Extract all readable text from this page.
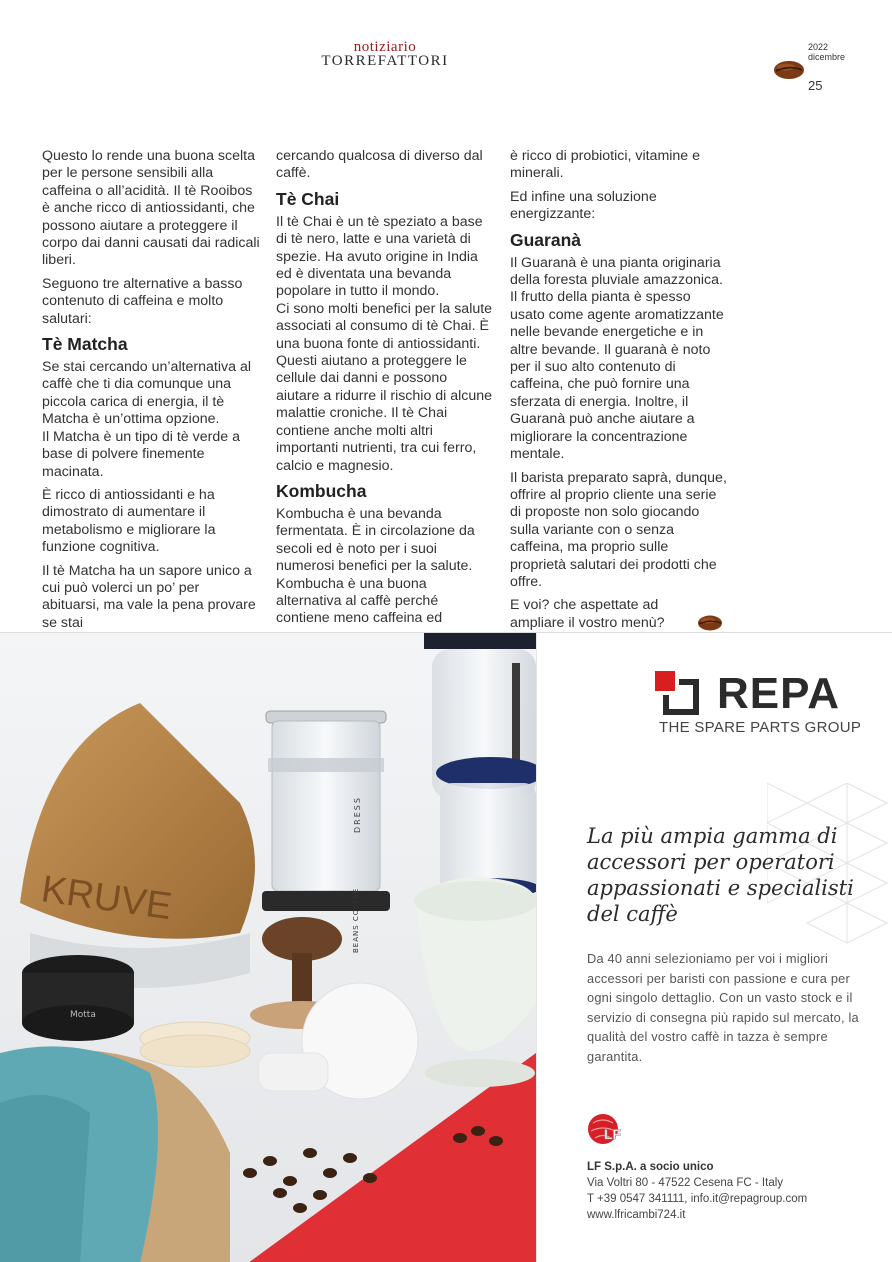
notiziario
TORREFATTORI
2022
dicembre
25

Questo lo rende una buona scelta per le persone sensibili alla caffeina o all’acidità. Il tè Rooibos è anche ricco di antiossidanti, che possono aiutare a proteggere il corpo dai danni causati dai radicali liberi.

Seguono tre alternative a basso contenuto di caffeina e molto salutari:

Tè Matcha

Se stai cercando un’alternativa al caffè che ti dia comunque una piccola carica di energia, il tè Matcha è un’ottima opzione.

Il Matcha è un tipo di tè verde a base di polvere finemente macinata.

È ricco di antiossidanti e ha dimostrato di aumentare il metabolismo e migliorare la funzione cognitiva.

Il tè Matcha ha un sapore unico a cui può volerci un po’ per abituarsi, ma vale la pena provare se stai

cercando qualcosa di diverso dal caffè.

Tè Chai

Il tè Chai è un tè speziato a base di tè nero, latte e una varietà di spezie. Ha avuto origine in India ed è diventata una bevanda popolare in tutto il mondo.

Ci sono molti benefici per la salute associati al consumo di tè Chai. È una buona fonte di antiossidanti. Questi aiutano a proteggere le cellule dai danni e possono aiutare a ridurre il rischio di alcune malattie croniche. Il tè Chai contiene anche molti altri importanti nutrienti, tra cui ferro, calcio e magnesio.

Kombucha

Kombucha è una bevanda fermentata. È in circolazione da secoli ed è noto per i suoi numerosi benefici per la salute. Kombucha è una buona alternativa al caffè perché contiene meno caffeina ed

è ricco di probiotici, vitamine e minerali.

Ed infine una soluzione energizzante:

Guaranà

Il Guaranà è una pianta originaria della foresta pluviale amazzonica. Il frutto della pianta è spesso usato come agente aromatizzante nelle bevande energetiche e in altre bevande. Il guaranà è noto per il suo alto contenuto di caffeina, che può fornire una sferzata di energia. Inoltre, il Guaranà può anche aiutare a migliorare la concentrazione mentale.

Il barista preparato saprà, dunque, offrire al proprio cliente una serie di proposte non solo giocando sulla variante con o senza caffeina, ma proprio sulle proprietà salutari dei prodotti che offre.

E voi? che aspettate ad ampliare il vostro menù?

DRESS
BEANS COFFEE
KRUVE
Motta
REPA
THE SPARE PARTS GROUP
La più ampia gamma di accessori per operatori appassionati e specialisti del caffè
Da 40 anni selezioniamo per voi i migliori accessori per baristi con passione e cura per ogni singolo dettaglio. Con un vasto stock e il servizio di consegna più rapido sul mercato, la qualità del vostro caffè in tazza è sempre garantita.
LF
LF S.p.A. a socio unico
Via Voltri 80 - 47522 Cesena FC - Italy
T +39 0547 341111, info.it@repagroup.com
www.lfricambi724.it
